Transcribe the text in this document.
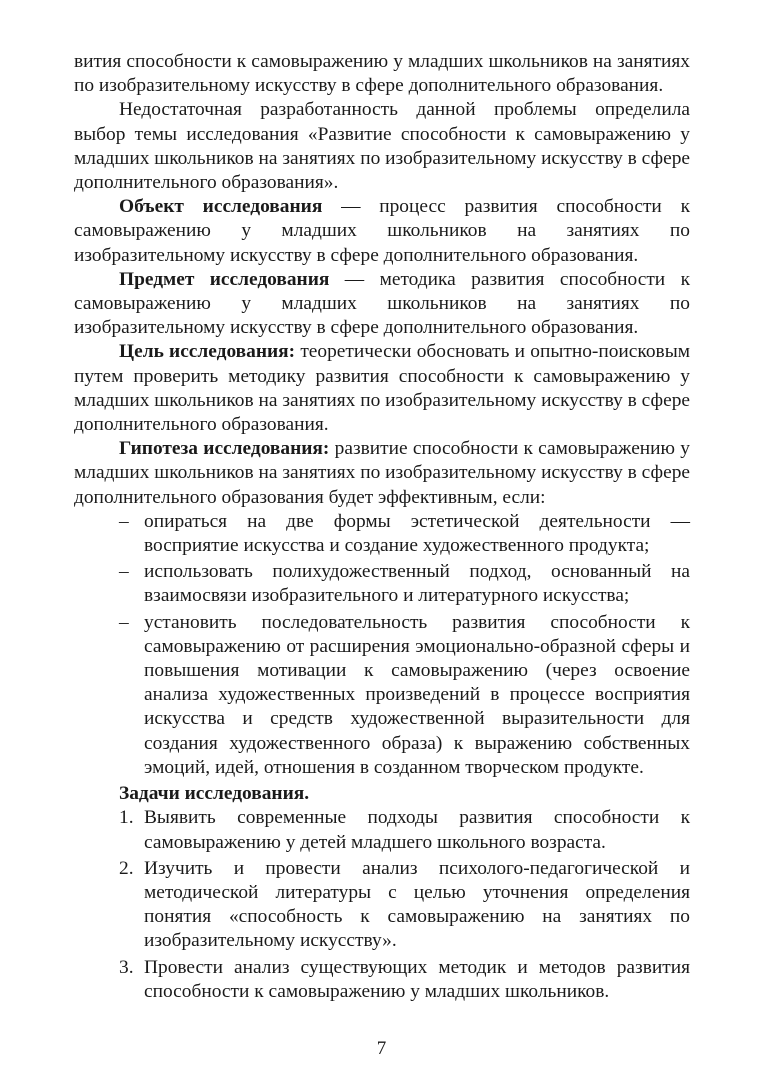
вития способности к самовыражению у младших школьников на занятиях по изобразительному искусству в сфере дополнительного образования.

Недостаточная разработанность данной проблемы определила выбор темы исследования «Развитие способности к самовыражению у младших школьников на занятиях по изобразительному искусству в сфере дополнительного образования».

Объект исследования — процесс развития способности к самовыражению у младших школьников на занятиях по изобразительному искусству в сфере дополнительного образования.

Предмет исследования — методика развития способности к самовыражению у младших школьников на занятиях по изобразительному искусству в сфере дополнительного образования.

Цель исследования: теоретически обосновать и опытно-поисковым путем проверить методику развития способности к самовыражению у младших школьников на занятиях по изобразительному искусству в сфере дополнительного образования.

Гипотеза исследования: развитие способности к самовыражению у младших школьников на занятиях по изобразительному искусству в сфере дополнительного образования будет эффективным, если:

– опираться на две формы эстетической деятельности — восприятие искусства и создание художественного продукта;
– использовать полихудожественный подход, основанный на взаимосвязи изобразительного и литературного искусства;
– установить последовательность развития способности к самовыражению от расширения эмоционально-образной сферы и повышения мотивации к самовыражению (через освоение анализа художественных произведений в процессе восприятия искусства и средств художественной выразительности для создания художественного образа) к выражению собственных эмоций, идей, отношения в созданном творческом продукте.

Задачи исследования.

1. Выявить современные подходы развития способности к самовыражению у детей младшего школьного возраста.
2. Изучить и провести анализ психолого-педагогической и методической литературы с целью уточнения определения понятия «способность к самовыражению на занятиях по изобразительному искусству».
3. Провести анализ существующих методик и методов развития способности к самовыражению у младших школьников.
7
